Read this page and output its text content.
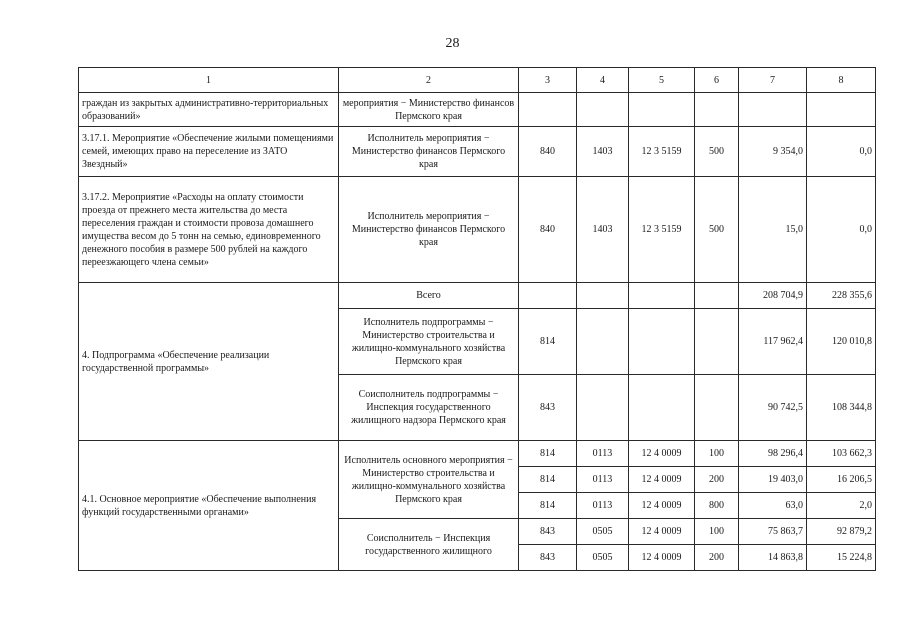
28
1	2	3	4	5	6	7	8
граждан из закрытых административно-территориальных образований»	мероприятия − Министерство финансов Пермского края						
3.17.1. Мероприятие «Обеспечение жилыми помещениями семей, имеющих право на переселение из ЗАТО Звездный»	Исполнитель мероприятия − Министерство финансов Пермского края	840	1403	12 3 5159	500	9 354,0	0,0
3.17.2. Мероприятие «Расходы на оплату стоимости проезда от прежнего места жительства до места переселения граждан и стоимости провоза домашнего имущества весом до 5 тонн на семью, единовременного денежного пособия в размере 500 рублей на каждого переезжающего члена семьи»	Исполнитель мероприятия − Министерство финансов Пермского края	840	1403	12 3 5159	500	15,0	0,0
4. Подпрограмма «Обеспечение реализации государственной программы»	Всего					208 704,9	228 355,6
	Исполнитель подпрограммы − Министерство строительства и жилищно-коммунального хозяйства Пермского края	814				117 962,4	120 010,8
	Соисполнитель подпрограммы − Инспекция государственного жилищного надзора Пермского края	843				90 742,5	108 344,8
4.1. Основное мероприятие «Обеспечение выполнения функций государственными органами»	Исполнитель основного мероприятия − Министерство строительства и жилищно-коммунального хозяйства Пермского края	814	0113	12 4 0009	100	98 296,4	103 662,3
		814	0113	12 4 0009	200	19 403,0	16 206,5
		814	0113	12 4 0009	800	63,0	2,0
	Соисполнитель − Инспекция государственного жилищного	843	0505	12 4 0009	100	75 863,7	92 879,2
		843	0505	12 4 0009	200	14 863,8	15 224,8
